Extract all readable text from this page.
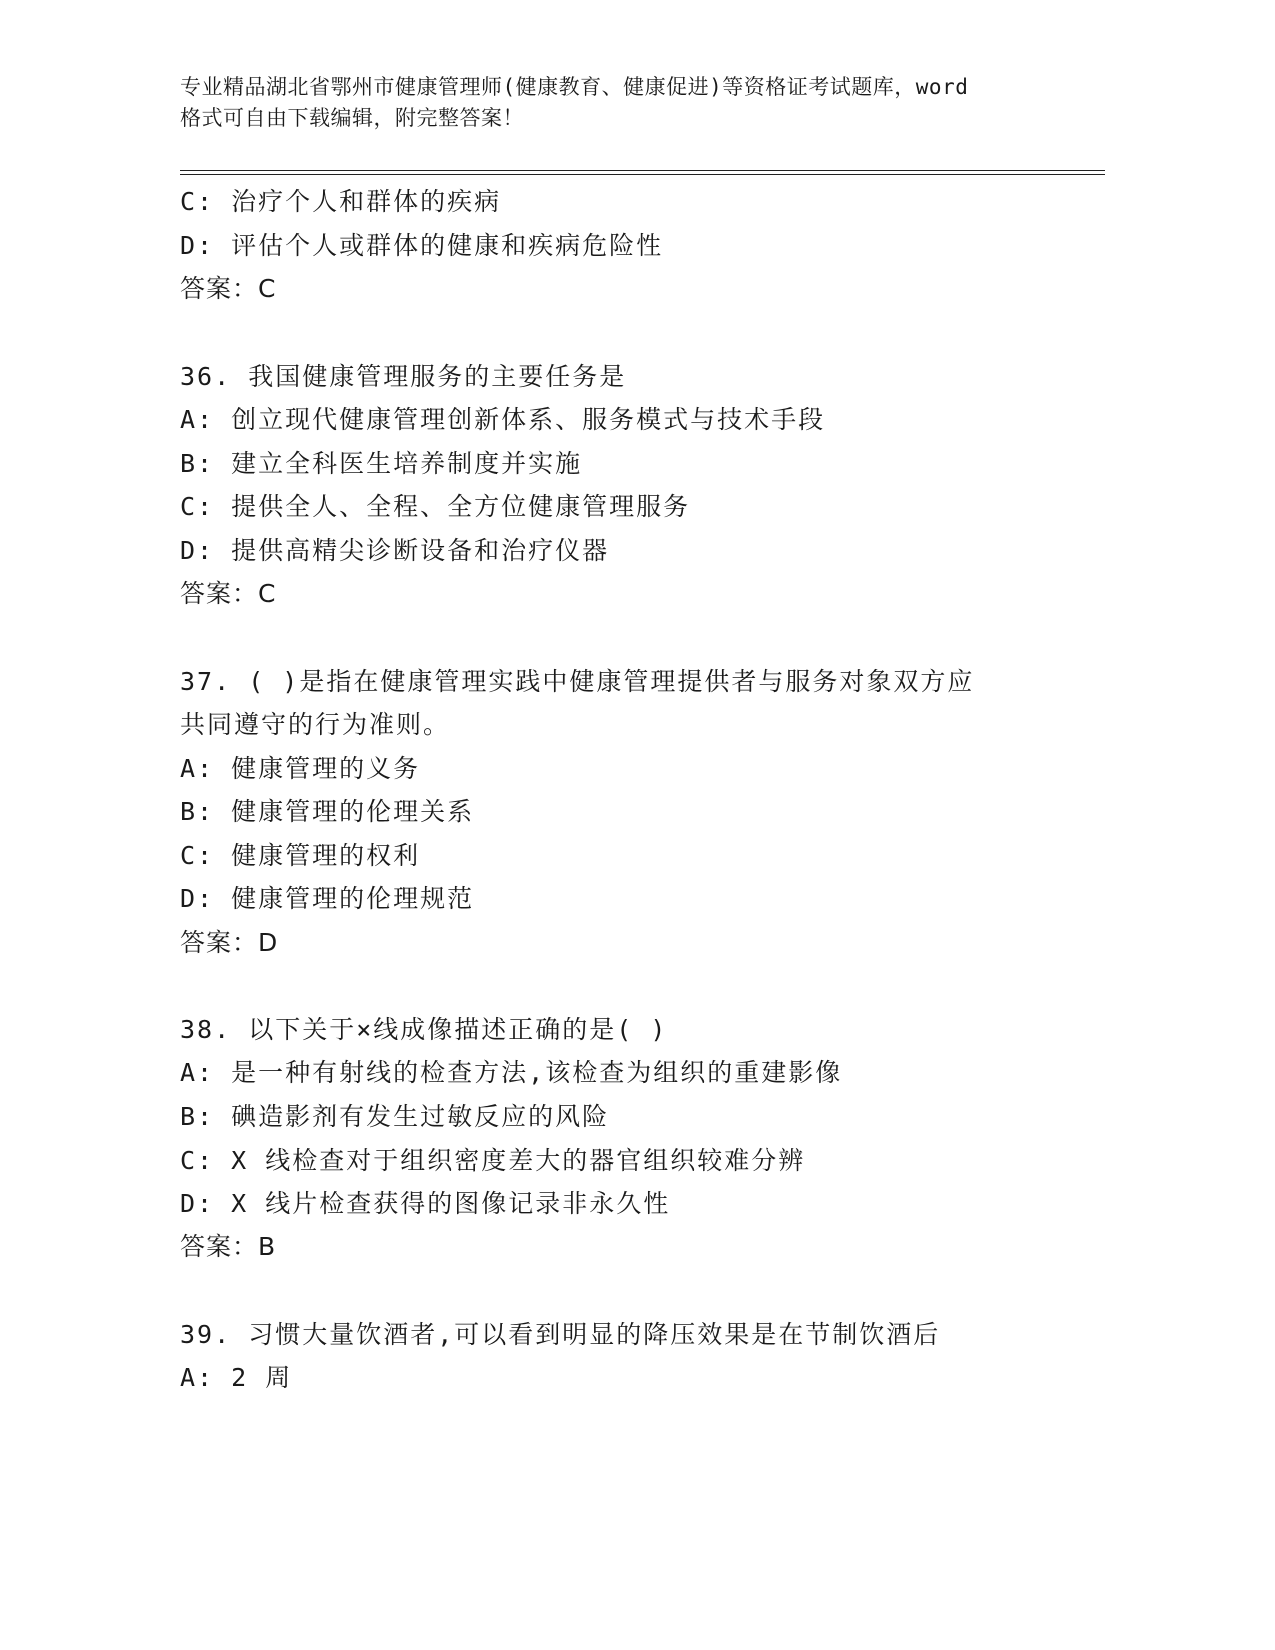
专业精品湖北省鄂州市健康管理师(健康教育、健康促进)等资格证考试题库，word
格式可自由下载编辑，附完整答案！
C: 治疗个人和群体的疾病
D: 评估个人或群体的健康和疾病危险性
答案：C
36. 我国健康管理服务的主要任务是
A: 创立现代健康管理创新体系、服务模式与技术手段
B: 建立全科医生培养制度并实施
C: 提供全人、全程、全方位健康管理服务
D: 提供高精尖诊断设备和治疗仪器
答案：C
37. ( )是指在健康管理实践中健康管理提供者与服务对象双方应
共同遵守的行为准则。
A: 健康管理的义务
B: 健康管理的伦理关系
C: 健康管理的权利
D: 健康管理的伦理规范
答案：D
38. 以下关于×线成像描述正确的是( )
A: 是一种有射线的检查方法,该检查为组织的重建影像
B: 碘造影剂有发生过敏反应的风险
C: X 线检查对于组织密度差大的器官组织较难分辨
D: X 线片检查获得的图像记录非永久性
答案：B
39. 习惯大量饮酒者,可以看到明显的降压效果是在节制饮酒后
A: 2 周
